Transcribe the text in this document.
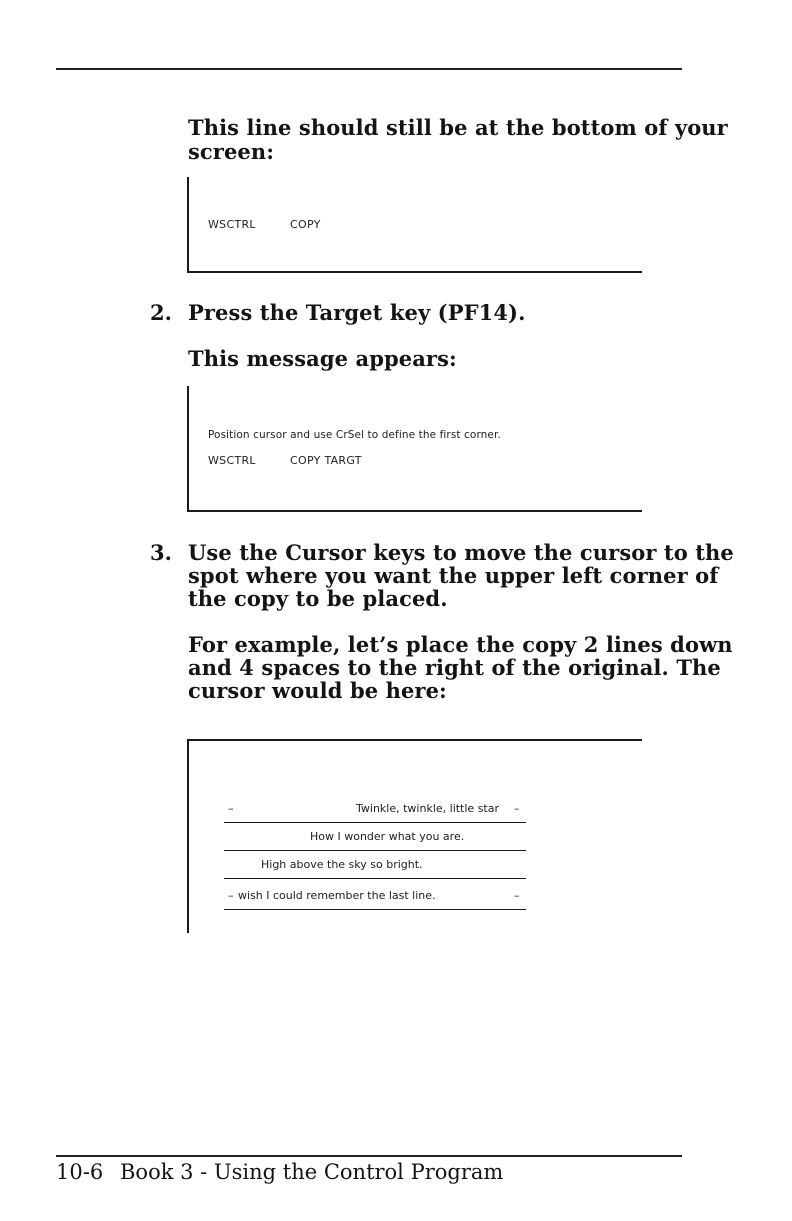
This line should still be at the bottom of your
screen:
WSCTRL	COPY
2. Press the Target key (PF14).
This message appears:
Position cursor and use CrSel to define the first corner.
WSCTRL	COPY TARGT
3. Use the Cursor keys to move the cursor to the
spot where you want the upper left corner of
the copy to be placed.
For example, let’s place the copy 2 lines down
and 4 spaces to the right of the original. The
cursor would be here:
–	Twinkle, twinkle, little star –
How I wonder what you are.
High above the sky so bright.
– wish I could remember the last line.	–
10-6 Book 3 - Using the Control Program
